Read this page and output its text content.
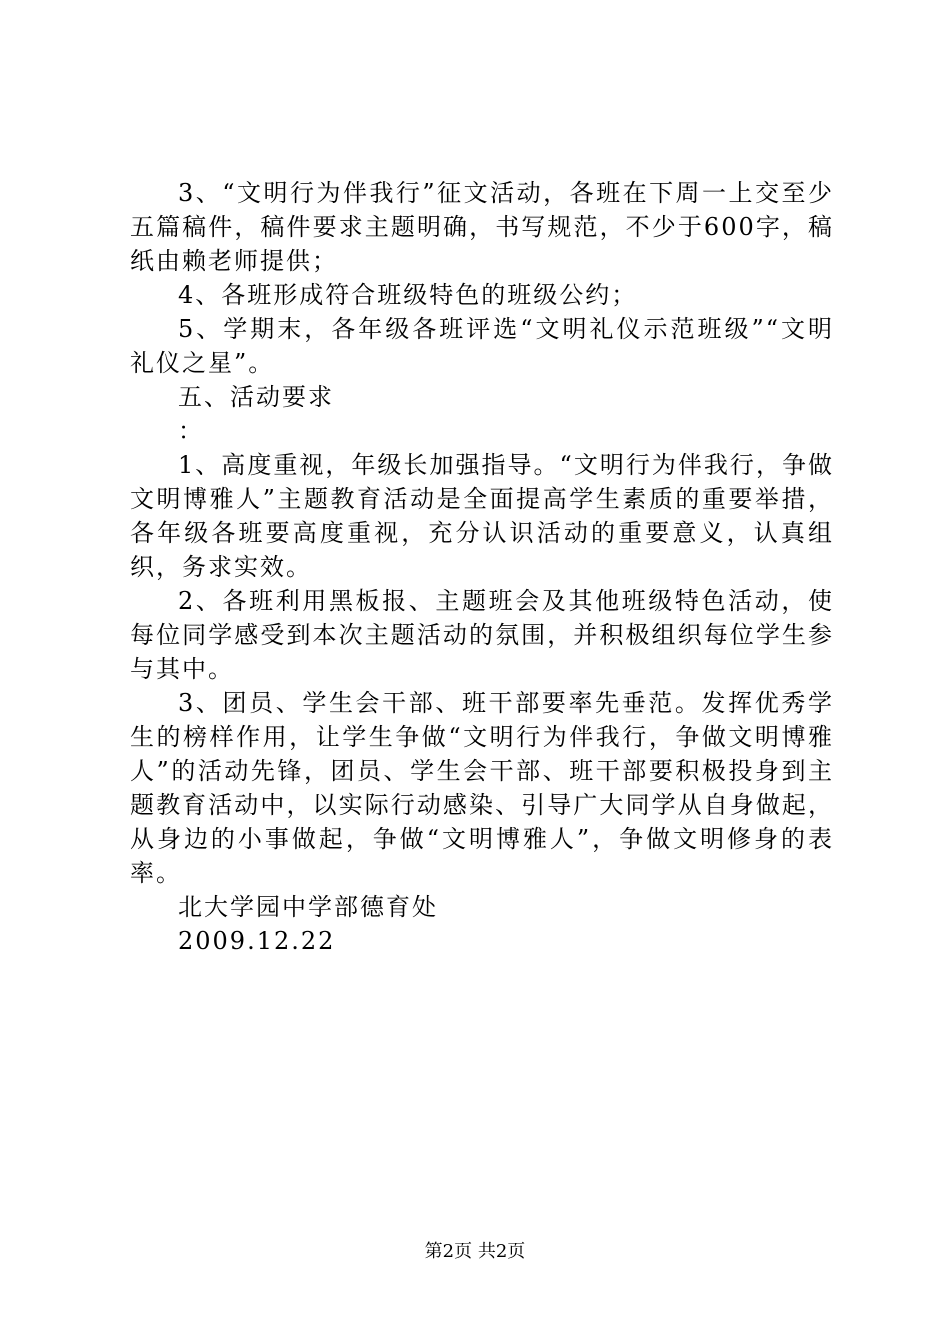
3、“文明行为伴我行”征文活动，各班在下周一上交至少五篇稿件，稿件要求主题明确，书写规范，不少于600字，稿纸由赖老师提供；

4、各班形成符合班级特色的班级公约；

5、学期末，各年级各班评选“文明礼仪示范班级”“文明礼仪之星”。

五、活动要求

：

1、高度重视，年级长加强指导。“文明行为伴我行，争做文明博雅人”主题教育活动是全面提高学生素质的重要举措，各年级各班要高度重视，充分认识活动的重要意义，认真组织，务求实效。

2、各班利用黑板报、主题班会及其他班级特色活动，使每位同学感受到本次主题活动的氛围，并积极组织每位学生参与其中。

3、团员、学生会干部、班干部要率先垂范。发挥优秀学生的榜样作用，让学生争做“文明行为伴我行，争做文明博雅人”的活动先锋，团员、学生会干部、班干部要积极投身到主题教育活动中，以实际行动感染、引导广大同学从自身做起，从身边的小事做起，争做“文明博雅人”，争做文明修身的表率。

北大学园中学部德育处

2009.12.22

第2页 共2页
